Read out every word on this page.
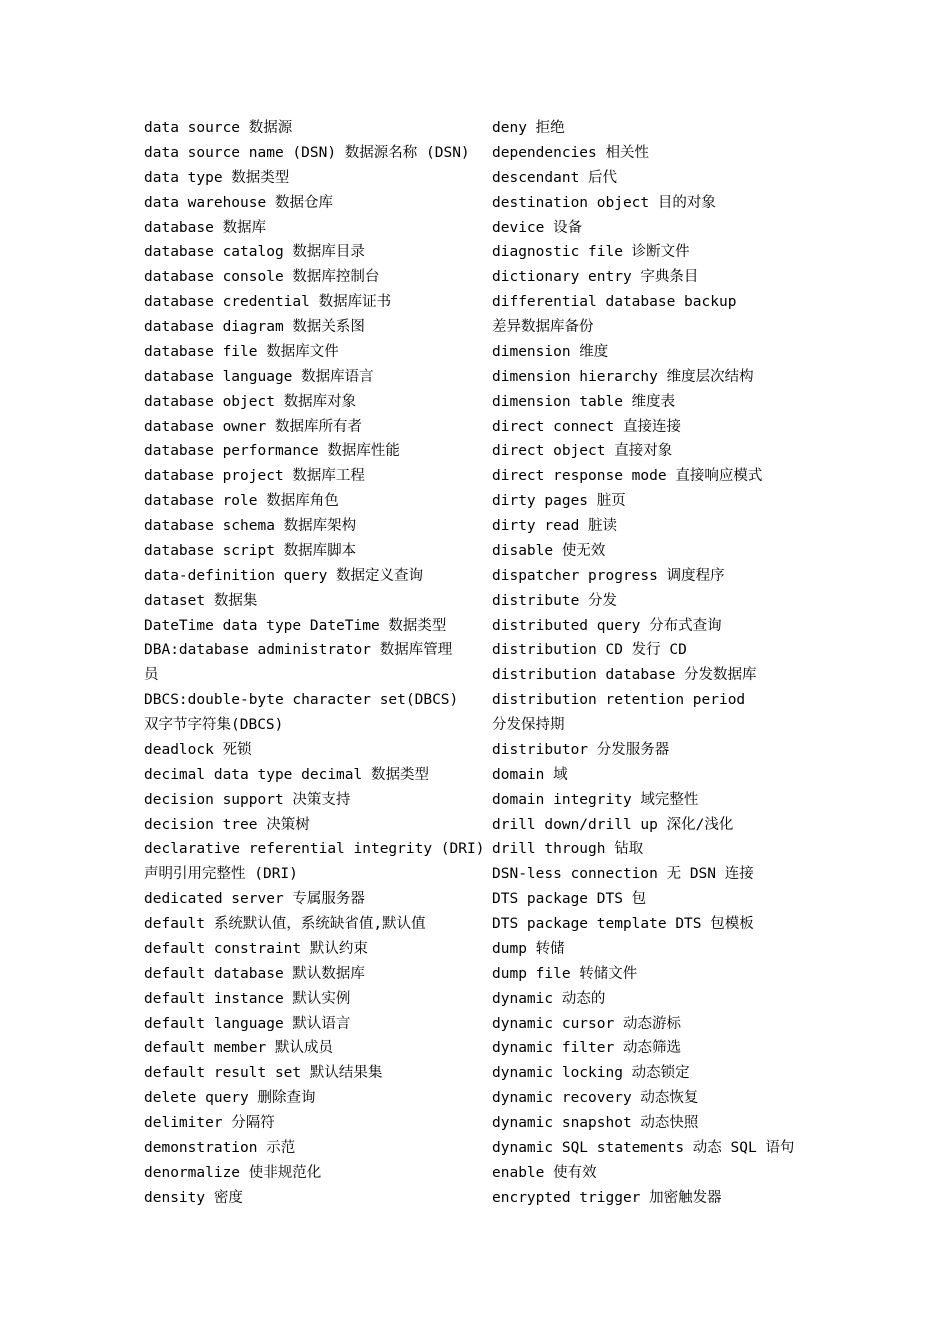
data source 数据源
data source name (DSN) 数据源名称 (DSN)
data type 数据类型
data warehouse 数据仓库
database 数据库
database catalog 数据库目录
database console 数据库控制台
database credential 数据库证书
database diagram 数据关系图
database file 数据库文件
database language 数据库语言
database object 数据库对象
database owner 数据库所有者
database performance 数据库性能
database project 数据库工程
database role 数据库角色
database schema 数据库架构
database script 数据库脚本
data-definition query 数据定义查询
dataset 数据集
DateTime data type DateTime 数据类型
DBA:database administrator 数据库管理
员
DBCS:double-byte character set(DBCS)
双字节字符集(DBCS)
deadlock 死锁
decimal data type decimal 数据类型
decision support 决策支持
decision tree 决策树
declarative referential integrity (DRI)
声明引用完整性 (DRI)
dedicated server 专属服务器
default 系统默认值，系统缺省值,默认值
default constraint 默认约束
default database 默认数据库
default instance 默认实例
default language 默认语言
default member 默认成员
default result set 默认结果集
delete query 删除查询
delimiter 分隔符
demonstration 示范
denormalize 使非规范化
density 密度
deny 拒绝
dependencies 相关性
descendant 后代
destination object 目的对象
device 设备
diagnostic file 诊断文件
dictionary entry 字典条目
differential database backup
差异数据库备份
dimension 维度
dimension hierarchy 维度层次结构
dimension table 维度表
direct connect 直接连接
direct object 直接对象
direct response mode 直接响应模式
dirty pages 脏页
dirty read 脏读
disable 使无效
dispatcher progress 调度程序
distribute 分发
distributed query 分布式查询
distribution CD 发行 CD
distribution database 分发数据库
distribution retention period
分发保持期
distributor 分发服务器
domain 域
domain integrity 域完整性
drill down/drill up 深化/浅化
drill through 钻取
DSN-less connection 无 DSN 连接
DTS package DTS 包
DTS package template DTS 包模板
dump 转储
dump file 转储文件
dynamic 动态的
dynamic cursor 动态游标
dynamic filter 动态筛选
dynamic locking 动态锁定
dynamic recovery 动态恢复
dynamic snapshot 动态快照
dynamic SQL statements 动态 SQL 语句
enable 使有效
encrypted trigger 加密触发器
